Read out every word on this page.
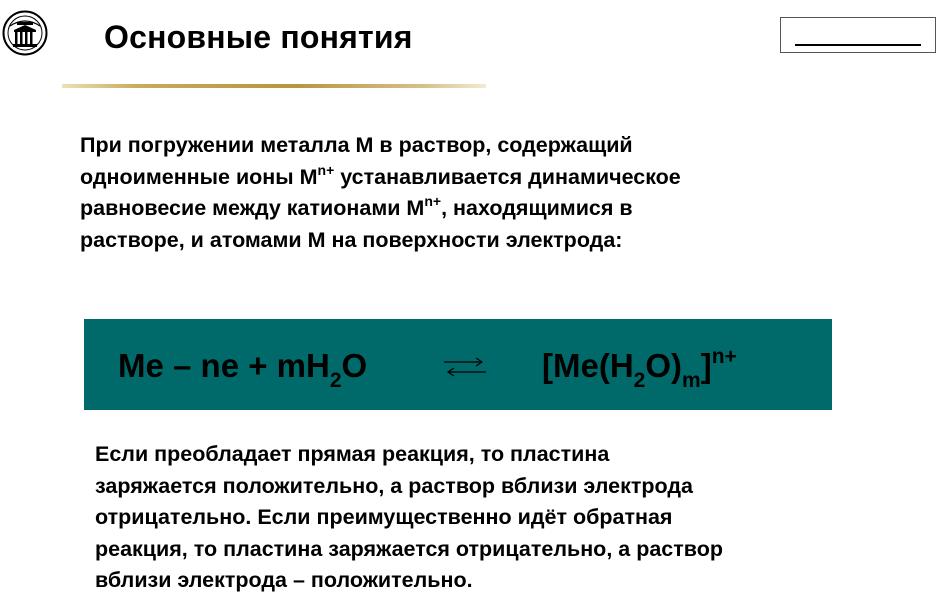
Основные понятия
При погружении металла М в раствор, содержащий
одноименные ионы $М^{n+}$ устанавливается динамическое
равновесие между катионами $М^{n+}$, находящимися в
растворе, и атомами М на поверхности электрода:
Me – ne + $mH_2O$	$[Me(H_2O)_m]^{n+}$
Если преобладает прямая реакция, то пластина
заряжается положительно, а раствор вблизи электрода
отрицательно. Если преимущественно идёт обратная
реакция, то пластина заряжается отрицательно, а раствор
вблизи электрода – положительно.
